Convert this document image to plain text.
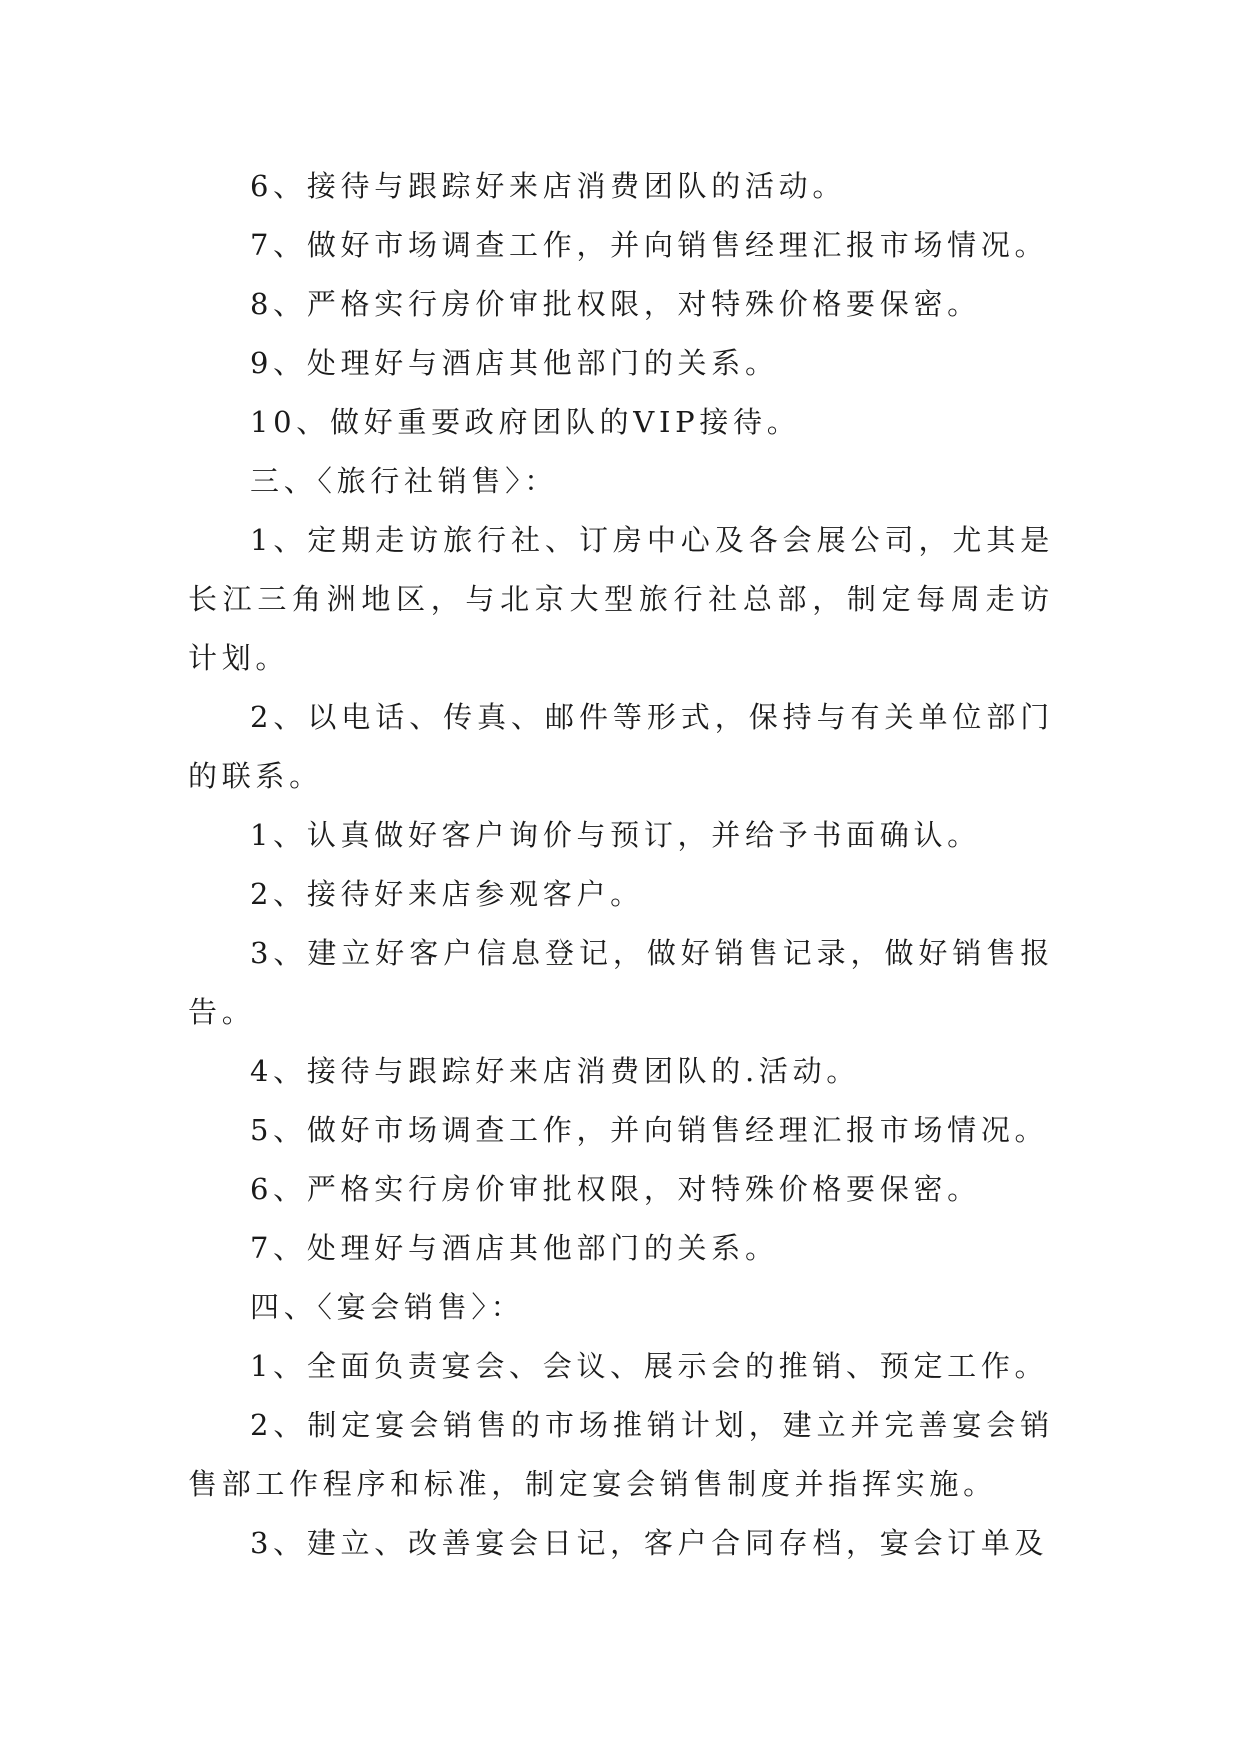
6、接待与跟踪好来店消费团队的活动。

7、做好市场调查工作，并向销售经理汇报市场情况。

8、严格实行房价审批权限，对特殊价格要保密。

9、处理好与酒店其他部门的关系。

10、做好重要政府团队的VIP接待。

三、〈旅行社销售〉：

1、定期走访旅行社、订房中心及各会展公司，尤其是长江三角洲地区，与北京大型旅行社总部，制定每周走访计划。

2、以电话、传真、邮件等形式，保持与有关单位部门的联系。

1、认真做好客户询价与预订，并给予书面确认。

2、接待好来店参观客户。

3、建立好客户信息登记，做好销售记录，做好销售报告。

4、接待与跟踪好来店消费团队的.活动。

5、做好市场调查工作，并向销售经理汇报市场情况。

6、严格实行房价审批权限，对特殊价格要保密。

7、处理好与酒店其他部门的关系。

四、〈宴会销售〉：

1、全面负责宴会、会议、展示会的推销、预定工作。

2、制定宴会销售的市场推销计划，建立并完善宴会销售部工作程序和标准，制定宴会销售制度并指挥实施。

3、建立、改善宴会日记，客户合同存档，宴会订单及
